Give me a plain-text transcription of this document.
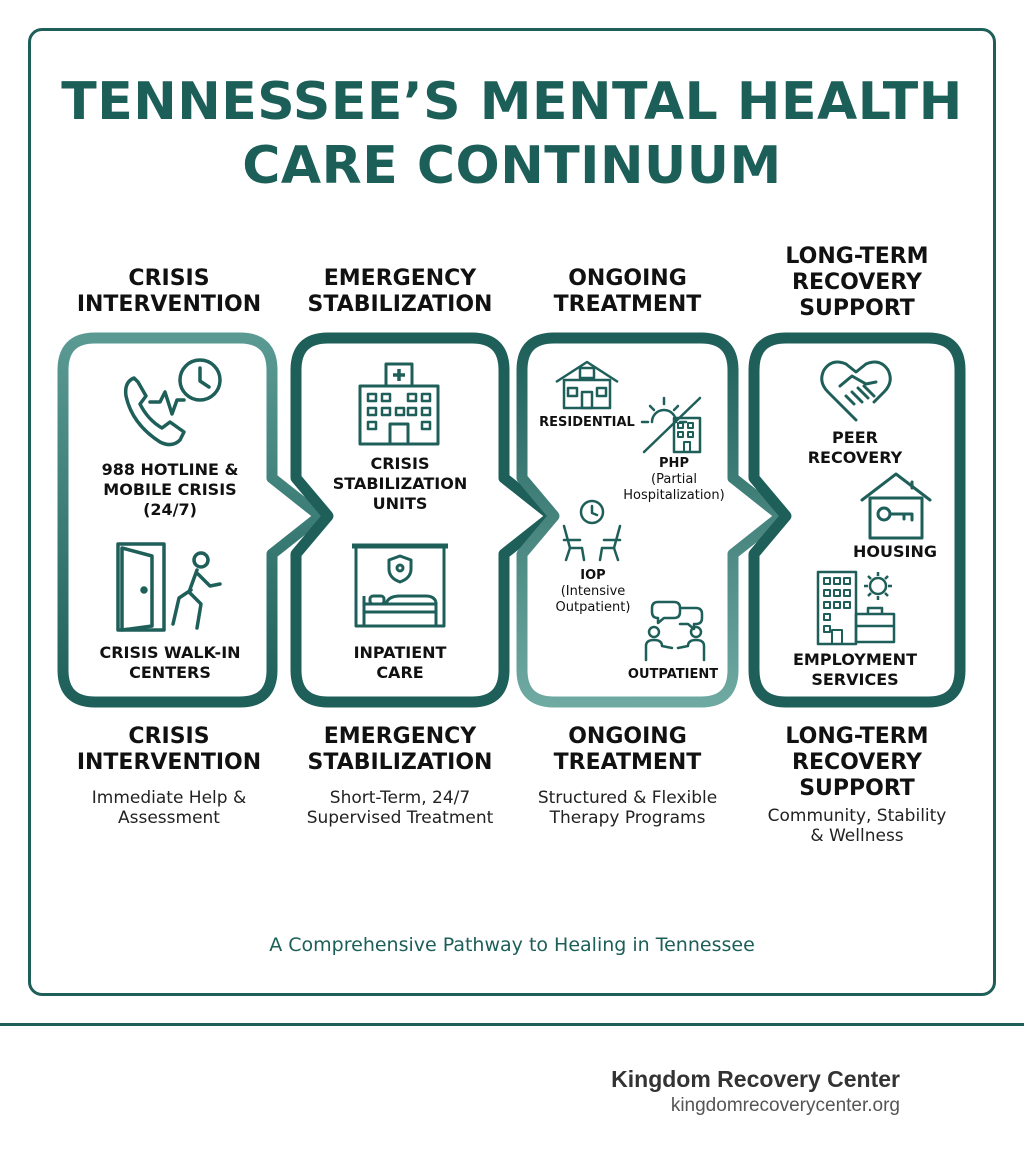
TENNESSEE’S MENTAL HEALTH
CARE CONTINUUM
CRISIS
INTERVENTION
EMERGENCY
STABILIZATION
ONGOING
TREATMENT
LONG-TERM
RECOVERY
SUPPORT
988 HOTLINE &
MOBILE CRISIS
(24/7)
CRISIS WALK-IN
CENTERS
CRISIS
STABILIZATION
UNITS
INPATIENT
CARE
RESIDENTIAL
PHP
(Partial
Hospitalization)
IOP
(Intensive
Outpatient)
OUTPATIENT
PEER
RECOVERY
HOUSING
EMPLOYMENT
SERVICES
CRISIS
INTERVENTION
Immediate Help &
Assessment
EMERGENCY
STABILIZATION
Short-Term, 24/7
Supervised Treatment
ONGOING
TREATMENT
Structured & Flexible
Therapy Programs
LONG-TERM
RECOVERY
SUPPORT
Community, Stability
& Wellness
A Comprehensive Pathway to Healing in Tennessee
Kingdom Recovery Center
kingdomrecoverycenter.org
